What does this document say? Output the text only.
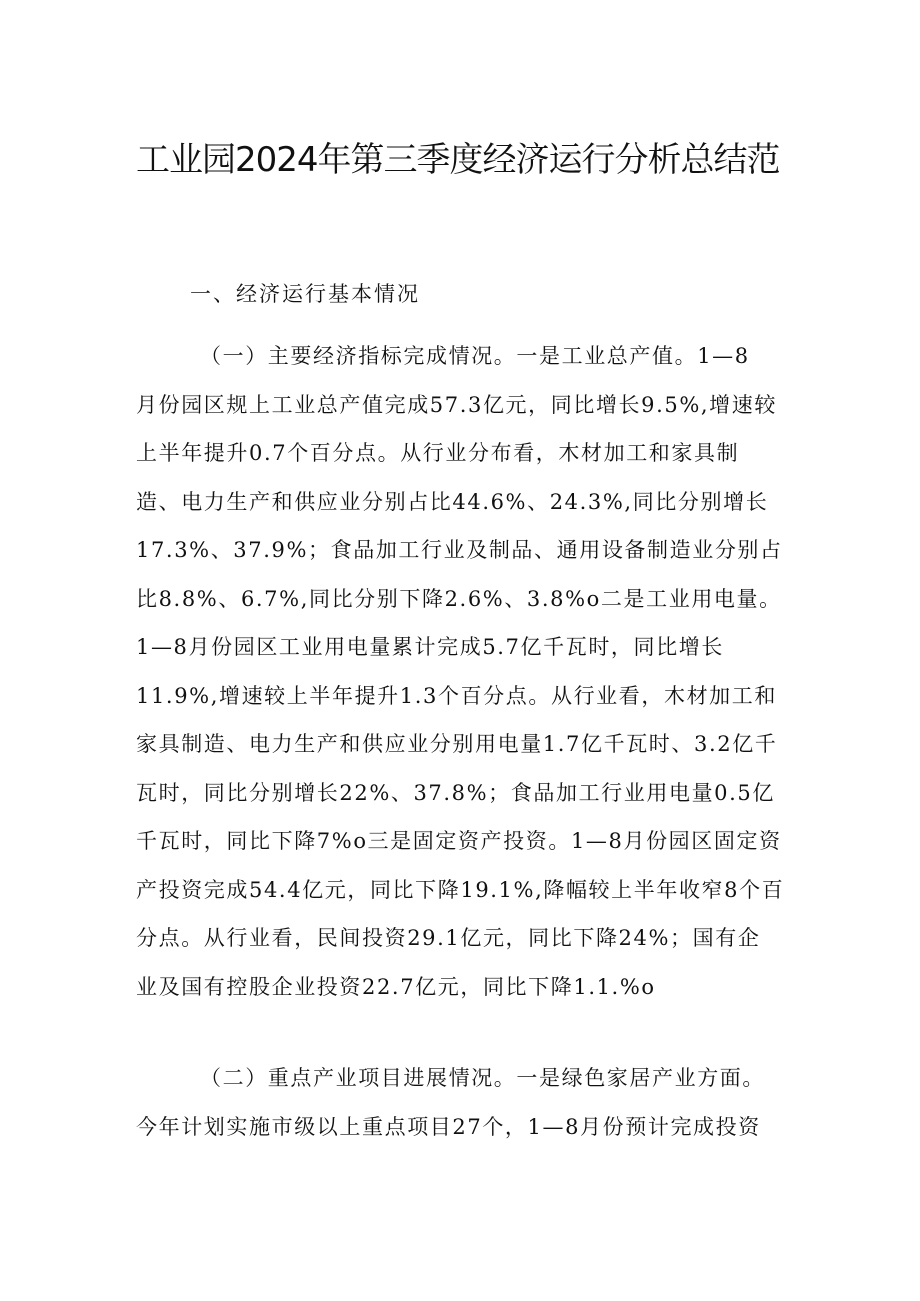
工业园2024年第三季度经济运行分析总结范
一、经济运行基本情况
（一）主要经济指标完成情况。一是工业总产值。1—8
月份园区规上工业总产值完成57.3亿元，同比增长9.5%,增速较
上半年提升0.7个百分点。从行业分布看，木材加工和家具制
造、电力生产和供应业分别占比44.6%、24.3%,同比分别增长
17.3%、37.9%；食品加工行业及制品、通用设备制造业分别占
比8.8%、6.7%,同比分别下降2.6%、3.8%o二是工业用电量。
1—8月份园区工业用电量累计完成5.7亿千瓦时，同比增长
11.9%,增速较上半年提升1.3个百分点。从行业看，木材加工和
家具制造、电力生产和供应业分别用电量1.7亿千瓦时、3.2亿千
瓦时，同比分别增长22%、37.8%；食品加工行业用电量0.5亿
千瓦时，同比下降7%o三是固定资产投资。1—8月份园区固定资
产投资完成54.4亿元，同比下降19.1%,降幅较上半年收窄8个百
分点。从行业看，民间投资29.1亿元，同比下降24%；国有企
业及国有控股企业投资22.7亿元，同比下降1.1.%o
（二）重点产业项目进展情况。一是绿色家居产业方面。
今年计划实施市级以上重点项目27个，1—8月份预计完成投资
